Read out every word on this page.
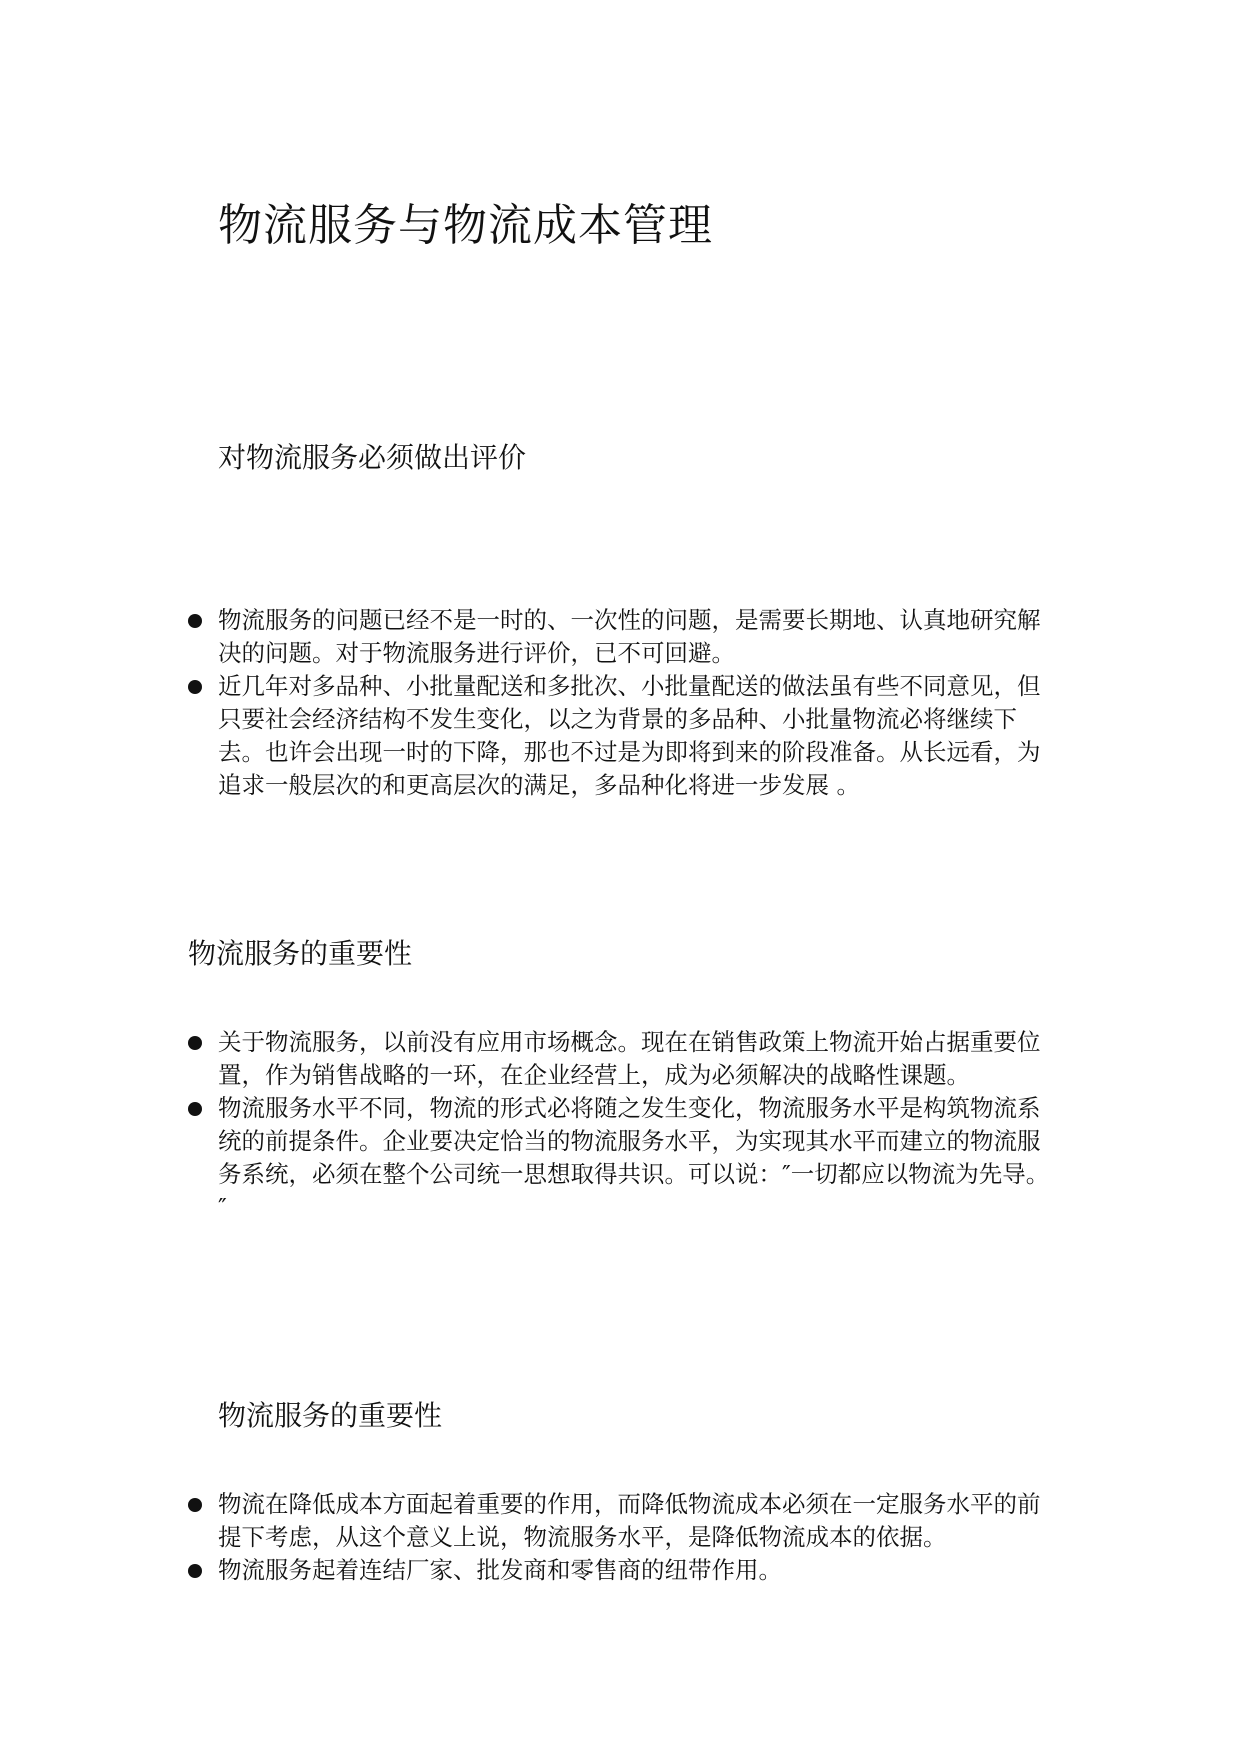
物流服务与物流成本管理
对物流服务必须做出评价
物流服务的问题已经不是一时的、一次性的问题，是需要长期地、认真地研究解决的问题。对于物流服务进行评价，已不可回避。
近几年对多品种、小批量配送和多批次、小批量配送的做法虽有些不同意见，但只要社会经济结构不发生变化，以之为背景的多品种、小批量物流必将继续下去。也许会出现一时的下降，那也不过是为即将到来的阶段准备。从长远看，为追求一般层次的和更高层次的满足，多品种化将进一步发展 。
物流服务的重要性
关于物流服务，以前没有应用市场概念。现在在销售政策上物流开始占据重要位置，作为销售战略的一环，在企业经营上，成为必须解决的战略性课题。
物流服务水平不同，物流的形式必将随之发生变化，物流服务水平是构筑物流系统的前提条件。企业要决定恰当的物流服务水平，为实现其水平而建立的物流服务系统，必须在整个公司统一思想取得共识。可以说：″一切都应以物流为先导。″
物流服务的重要性
物流在降低成本方面起着重要的作用，而降低物流成本必须在一定服务水平的前提下考虑，从这个意义上说，物流服务水平，是降低物流成本的依据。
物流服务起着连结厂家、批发商和零售商的纽带作用。
